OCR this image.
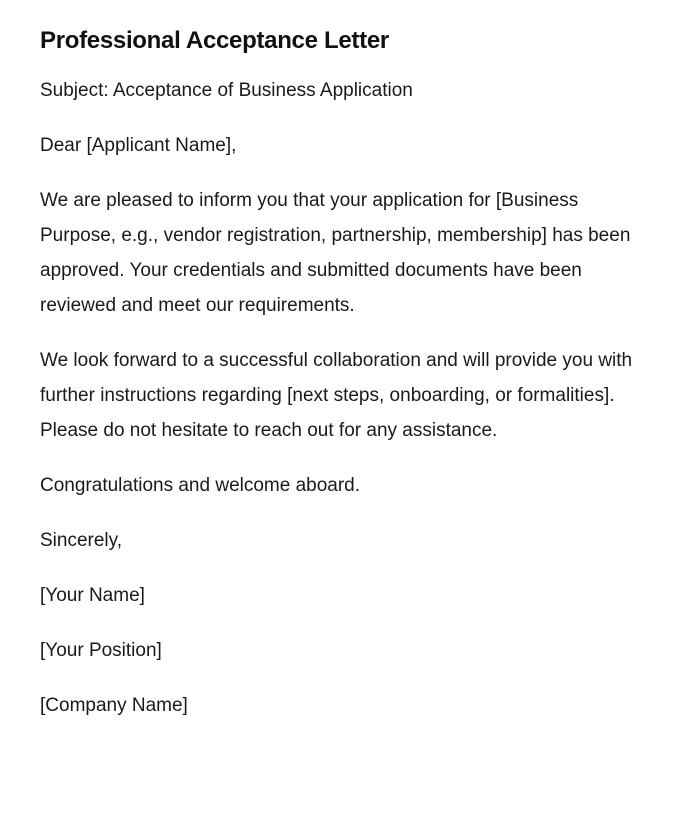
Professional Acceptance Letter

Subject: Acceptance of Business Application

Dear [Applicant Name],

We are pleased to inform you that your application for [Business Purpose, e.g., vendor registration, partnership, membership] has been approved. Your credentials and submitted documents have been reviewed and meet our requirements.

We look forward to a successful collaboration and will provide you with further instructions regarding [next steps, onboarding, or formalities]. Please do not hesitate to reach out for any assistance.

Congratulations and welcome aboard.

Sincerely,

[Your Name]

[Your Position]

[Company Name]
